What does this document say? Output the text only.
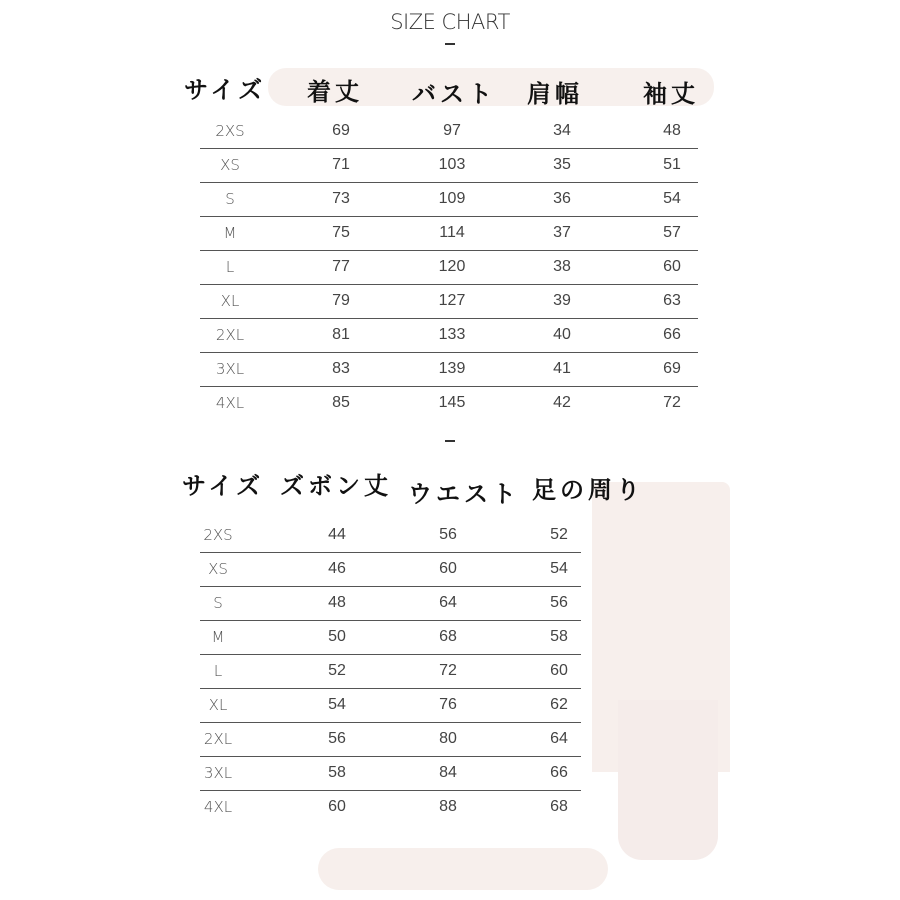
SIZE CHART
サイズ 着丈 バスト 肩幅	袖丈
2XS	69	97	34	48
XS	71	103	35	51
S	73	109	36	54
M	75	114	37	57
L	77	120	38	60
XL	79	127	39	63
2XL	81	133	40	66
3XL	83	139	41	69
4XL	85	145	42	72
サイズ ズボン丈 ウエスト 足の周り
2XS	44	56	52
XS	46	60	54
S	48	64	56
M	50	68	58
L	52	72	60
XL	54	76	62
2XL	56	80	64
3XL	58	84	66
4XL	60	88	68
